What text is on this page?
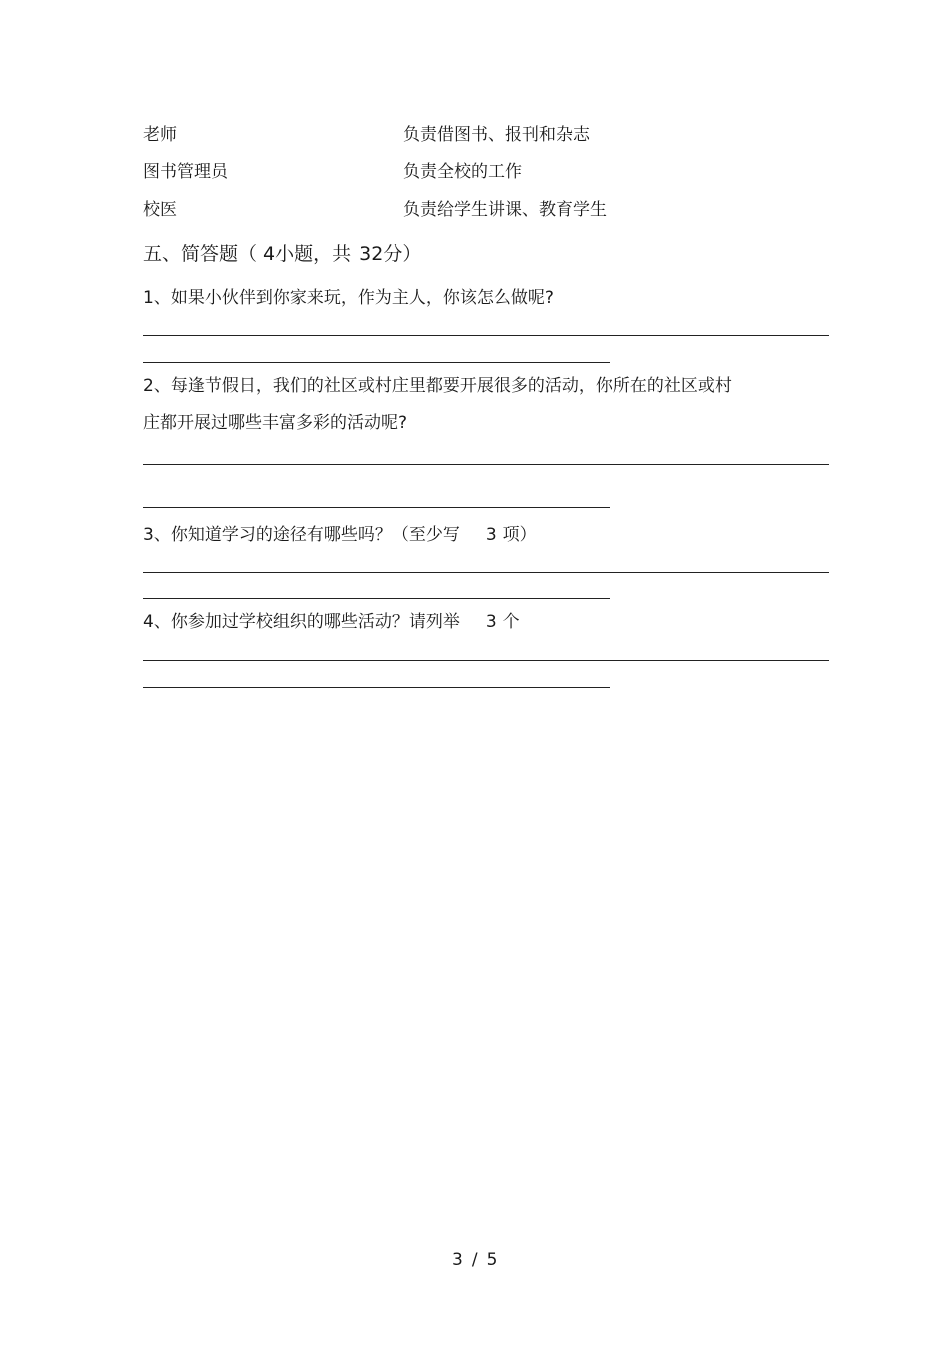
老师	负责借图书、报刊和杂志
图书管理员	负责全校的工作
校医	负责给学生讲课、教育学生
五、简答题（ 4小题，共 32分）
1、如果小伙伴到你家来玩，作为主人，你该怎么做呢?
2、每逢节假日，我们的社区或村庄里都要开展很多的活动，你所在的社区或村
庄都开展过哪些丰富多彩的活动呢?
3、你知道学习的途径有哪些吗？（至少写 3 项）
4、你参加过学校组织的哪些活动？请列举 3 个
3 / 5
